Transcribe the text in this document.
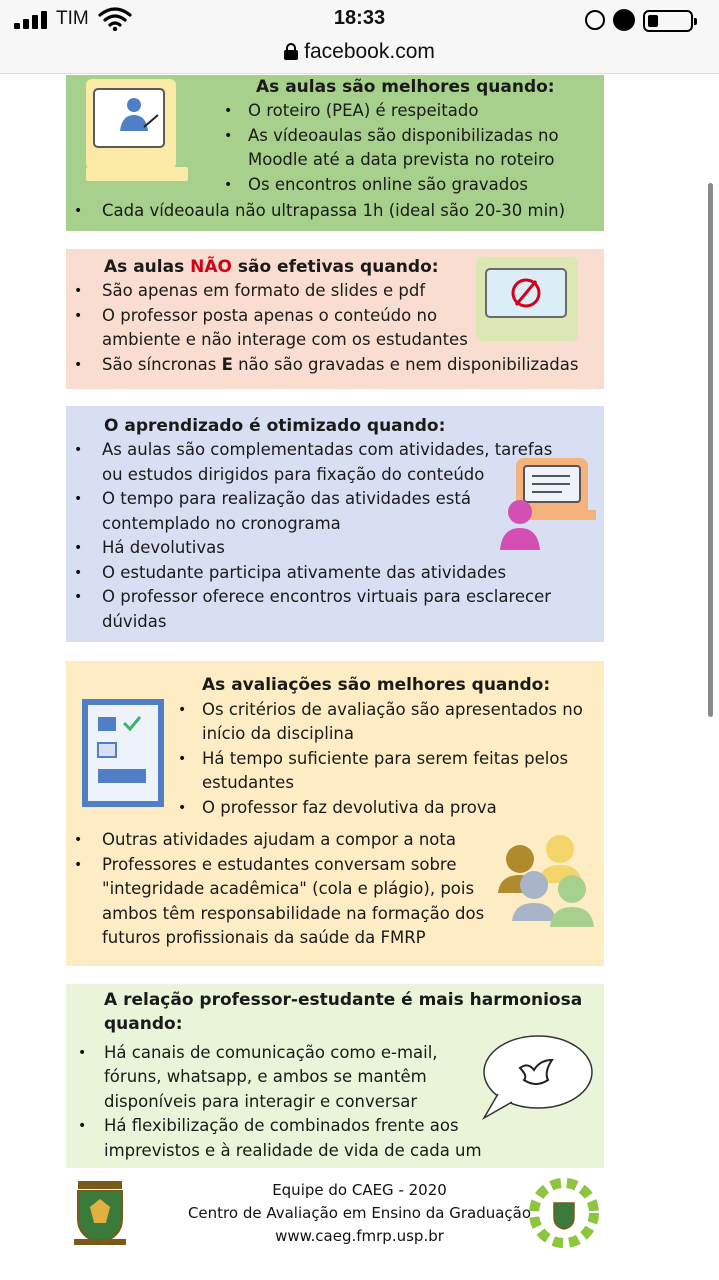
TIM	18:33
facebook.com
As aulas são melhores quando:
• O roteiro (PEA) é respeitado
• As vídeoaulas são disponibilizadas no
Moodle até a data prevista no roteiro
• Os encontros online são gravados
• Cada vídeoaula não ultrapassa 1h (ideal são 20-30 min)
As aulas NÃO são efetivas quando:
• São apenas em formato de slides e pdf
• O professor posta apenas o conteúdo no
ambiente e não interage com os estudantes
• São síncronas E não são gravadas e nem disponibilizadas
O aprendizado é otimizado quando:
• As aulas são complementadas com atividades, tarefas
ou estudos dirigidos para fixação do conteúdo
• O tempo para realização das atividades está
contemplado no cronograma
• Há devolutivas
• O estudante participa ativamente das atividades
• O professor oferece encontros virtuais para esclarecer
dúvidas
As avaliações são melhores quando:
• Os critérios de avaliação são apresentados no
início da disciplina
• Há tempo suficiente para serem feitas pelos
estudantes
• O professor faz devolutiva da prova
• Outras atividades ajudam a compor a nota
• Professores e estudantes conversam sobre
"integridade acadêmica" (cola e plágio), pois
ambos têm responsabilidade na formação dos
futuros profissionais da saúde da FMRP
A relação professor-estudante é mais harmoniosa
quando:
• Há canais de comunicação como e-mail,
fóruns, whatsapp, e ambos se mantêm
disponíveis para interagir e conversar
• Há flexibilização de combinados frente aos
imprevistos e à realidade de vida de cada um
Equipe do CAEG - 2020
Centro de Avaliação em Ensino da Graduação
www.caeg.fmrp.usp.br
